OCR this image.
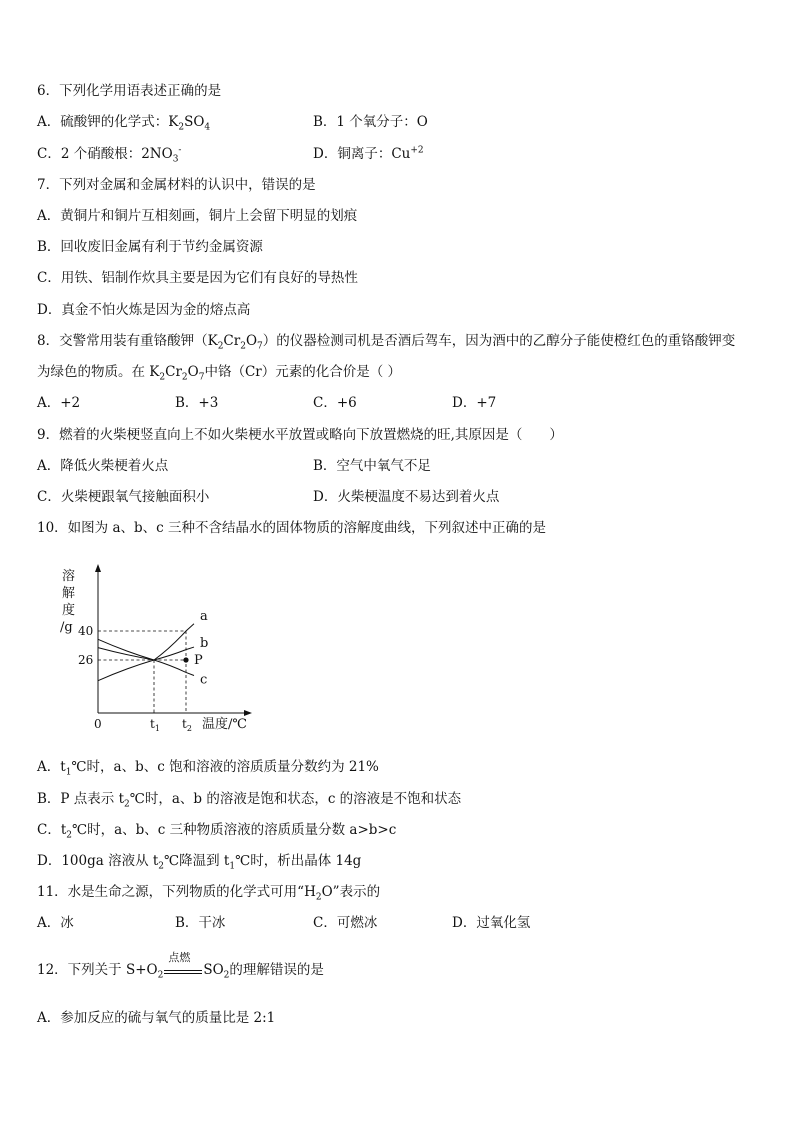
6．下列化学用语表述正确的是
A．硫酸钾的化学式：$K_2SO_4$	B．1 个氧分子：O
C．2 个硝酸根：$2NO_3^-$	D．铜离子：$Cu^{+2}$
7．下列对金属和金属材料的认识中，错误的是
A．黄铜片和铜片互相刻画，铜片上会留下明显的划痕
B．回收废旧金属有利于节约金属资源
C．用铁、铝制作炊具主要是因为它们有良好的导热性
D．真金不怕火炼是因为金的熔点高
8．交警常用装有重铬酸钾$(K_2Cr_2O_7)$的仪器检测司机是否酒后驾车，因为酒中的乙醇分子能使橙红色的重铬酸钾变
为绿色的物质。在 $K_2Cr_2O_7$中铬（Cr）元素的化合价是（ ）
A．+2	B．+3	C．+6	D．+7
9．燃着的火柴梗竖直向上不如火柴梗水平放置或略向下放置燃烧的旺,其原因是（　　）
A．降低火柴梗着火点	B．空气中氧气不足
C．火柴梗跟氧气接触面积小	D．火柴梗温度不易达到着火点
10．如图为 a、b、c 三种不含结晶水的固体物质的溶解度曲线，下列叙述中正确的是
a
b
c
40
26
$t_1$ $t_2$
P
溶
解
度
/g
0	温度/℃
A．$t_1℃$时，a、b、c 饱和溶液的溶质质量分数约为 21%
B．P 点表示 $t_2℃$时，a、b 的溶液是饱和状态，c 的溶液是不饱和状态
C．$t_2℃$时，a、b、c 三种物质溶液的溶质质量分数 a>b>c
D．100ga 溶液从 $t_2℃$降温到 $t_1℃$时，析出晶体 14g
11．水是生命之源，下列物质的化学式可用“$H_2O$”表示的
A．冰	B．干冰	C．可燃冰	D．过氧化氢
12．下列关于 $S+O_2$
点燃
$SO_2$的理解错误的是
A．参加反应的硫与氧气的质量比是 2:1
